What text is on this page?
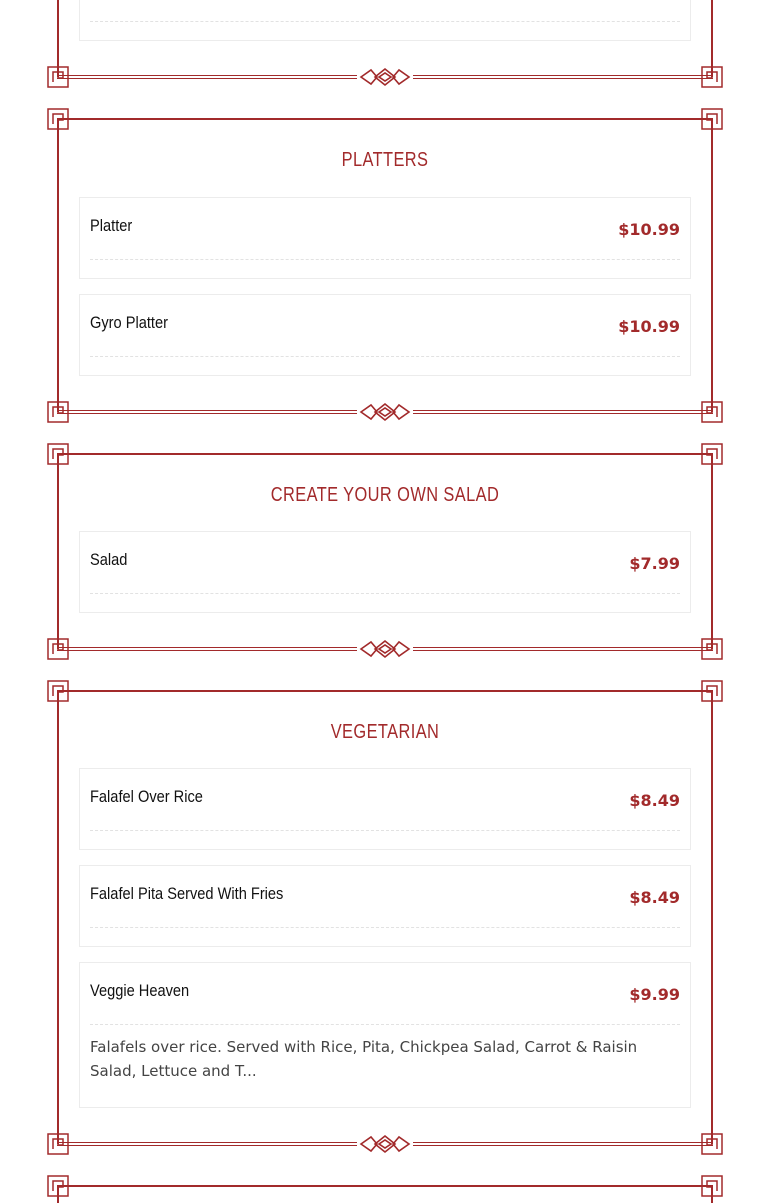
PLATTERS
CREATE YOUR OWN SALAD
VEGETARIAN
Platter	$10.99
Gyro Platter	$10.99
Salad	$7.99
Falafel Over Rice	$8.49
Falafel Pita Served With Fries	$8.49
Veggie Heaven	$9.99
Falafels over rice. Served with Rice, Pita, Chickpea Salad, Carrot & Raisin Salad, Lettuce and T...
